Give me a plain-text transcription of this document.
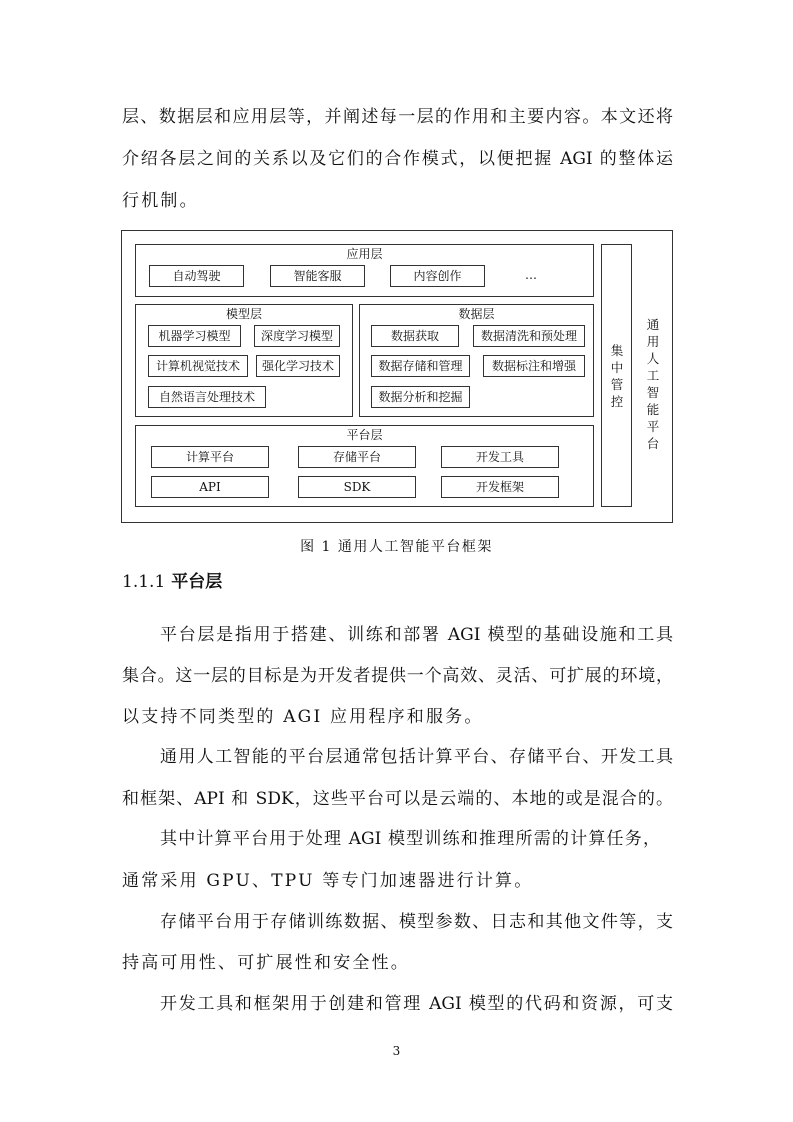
层、数据层和应用层等，并阐述每一层的作用和主要内容。本文还将
介绍各层之间的关系以及它们的合作模式，以便把握 AGI 的整体运
行机制。
应用层
自动驾驶	智能客服	内容创作	…
模型层
机器学习模型	深度学习模型
计算机视觉技术	强化学习技术
自然语言处理技术
数据层
数据获取	数据清洗和预处理
数据存储和管理	数据标注和增强
数据分析和挖掘
平台层
计算平台	存储平台	开发工具
API	SDK	开发框架
集中管控
通用人工智能平台
图 1 通用人工智能平台框架
1.1.1 平台层
平台层是指用于搭建、训练和部署 AGI 模型的基础设施和工具
集合。这一层的目标是为开发者提供一个高效、灵活、可扩展的环境，
以支持不同类型的 AGI 应用程序和服务。
通用人工智能的平台层通常包括计算平台、存储平台、开发工具
和框架、API 和 SDK，这些平台可以是云端的、本地的或是混合的。
其中计算平台用于处理 AGI 模型训练和推理所需的计算任务，
通常采用 GPU、TPU 等专门加速器进行计算。
存储平台用于存储训练数据、模型参数、日志和其他文件等，支
持高可用性、可扩展性和安全性。
开发工具和框架用于创建和管理 AGI 模型的代码和资源，可支
3
